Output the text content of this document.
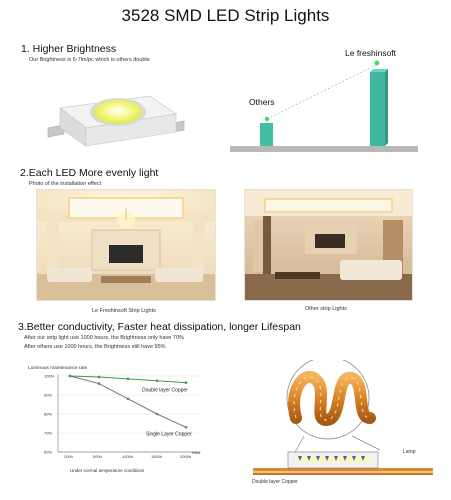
3528 SMD LED Strip Lights
1. Higher Brightness
Our Brightness is 6-7lm/pc which is others double
Le freshinsoft
Others
2.Each LED More evenly light
Photo of the installation effect
Le Freshinsoft Strip Lights	Other strip Lights
3.Better conductivity, Faster heat dissipation, longer Lifespan
After our strip light use 1000 hours, the Brightness only have 70%
After others use 1000 hours, the Brightness still have 95%
Luminous maintenance rate
Under normal temperature conditions
Hour
100%
90%
80%
70%
60%
200h	500h	1000h	1500h	2000h
Double layer Copper
Single Layer Copper
Lamp
Double layer Copper
